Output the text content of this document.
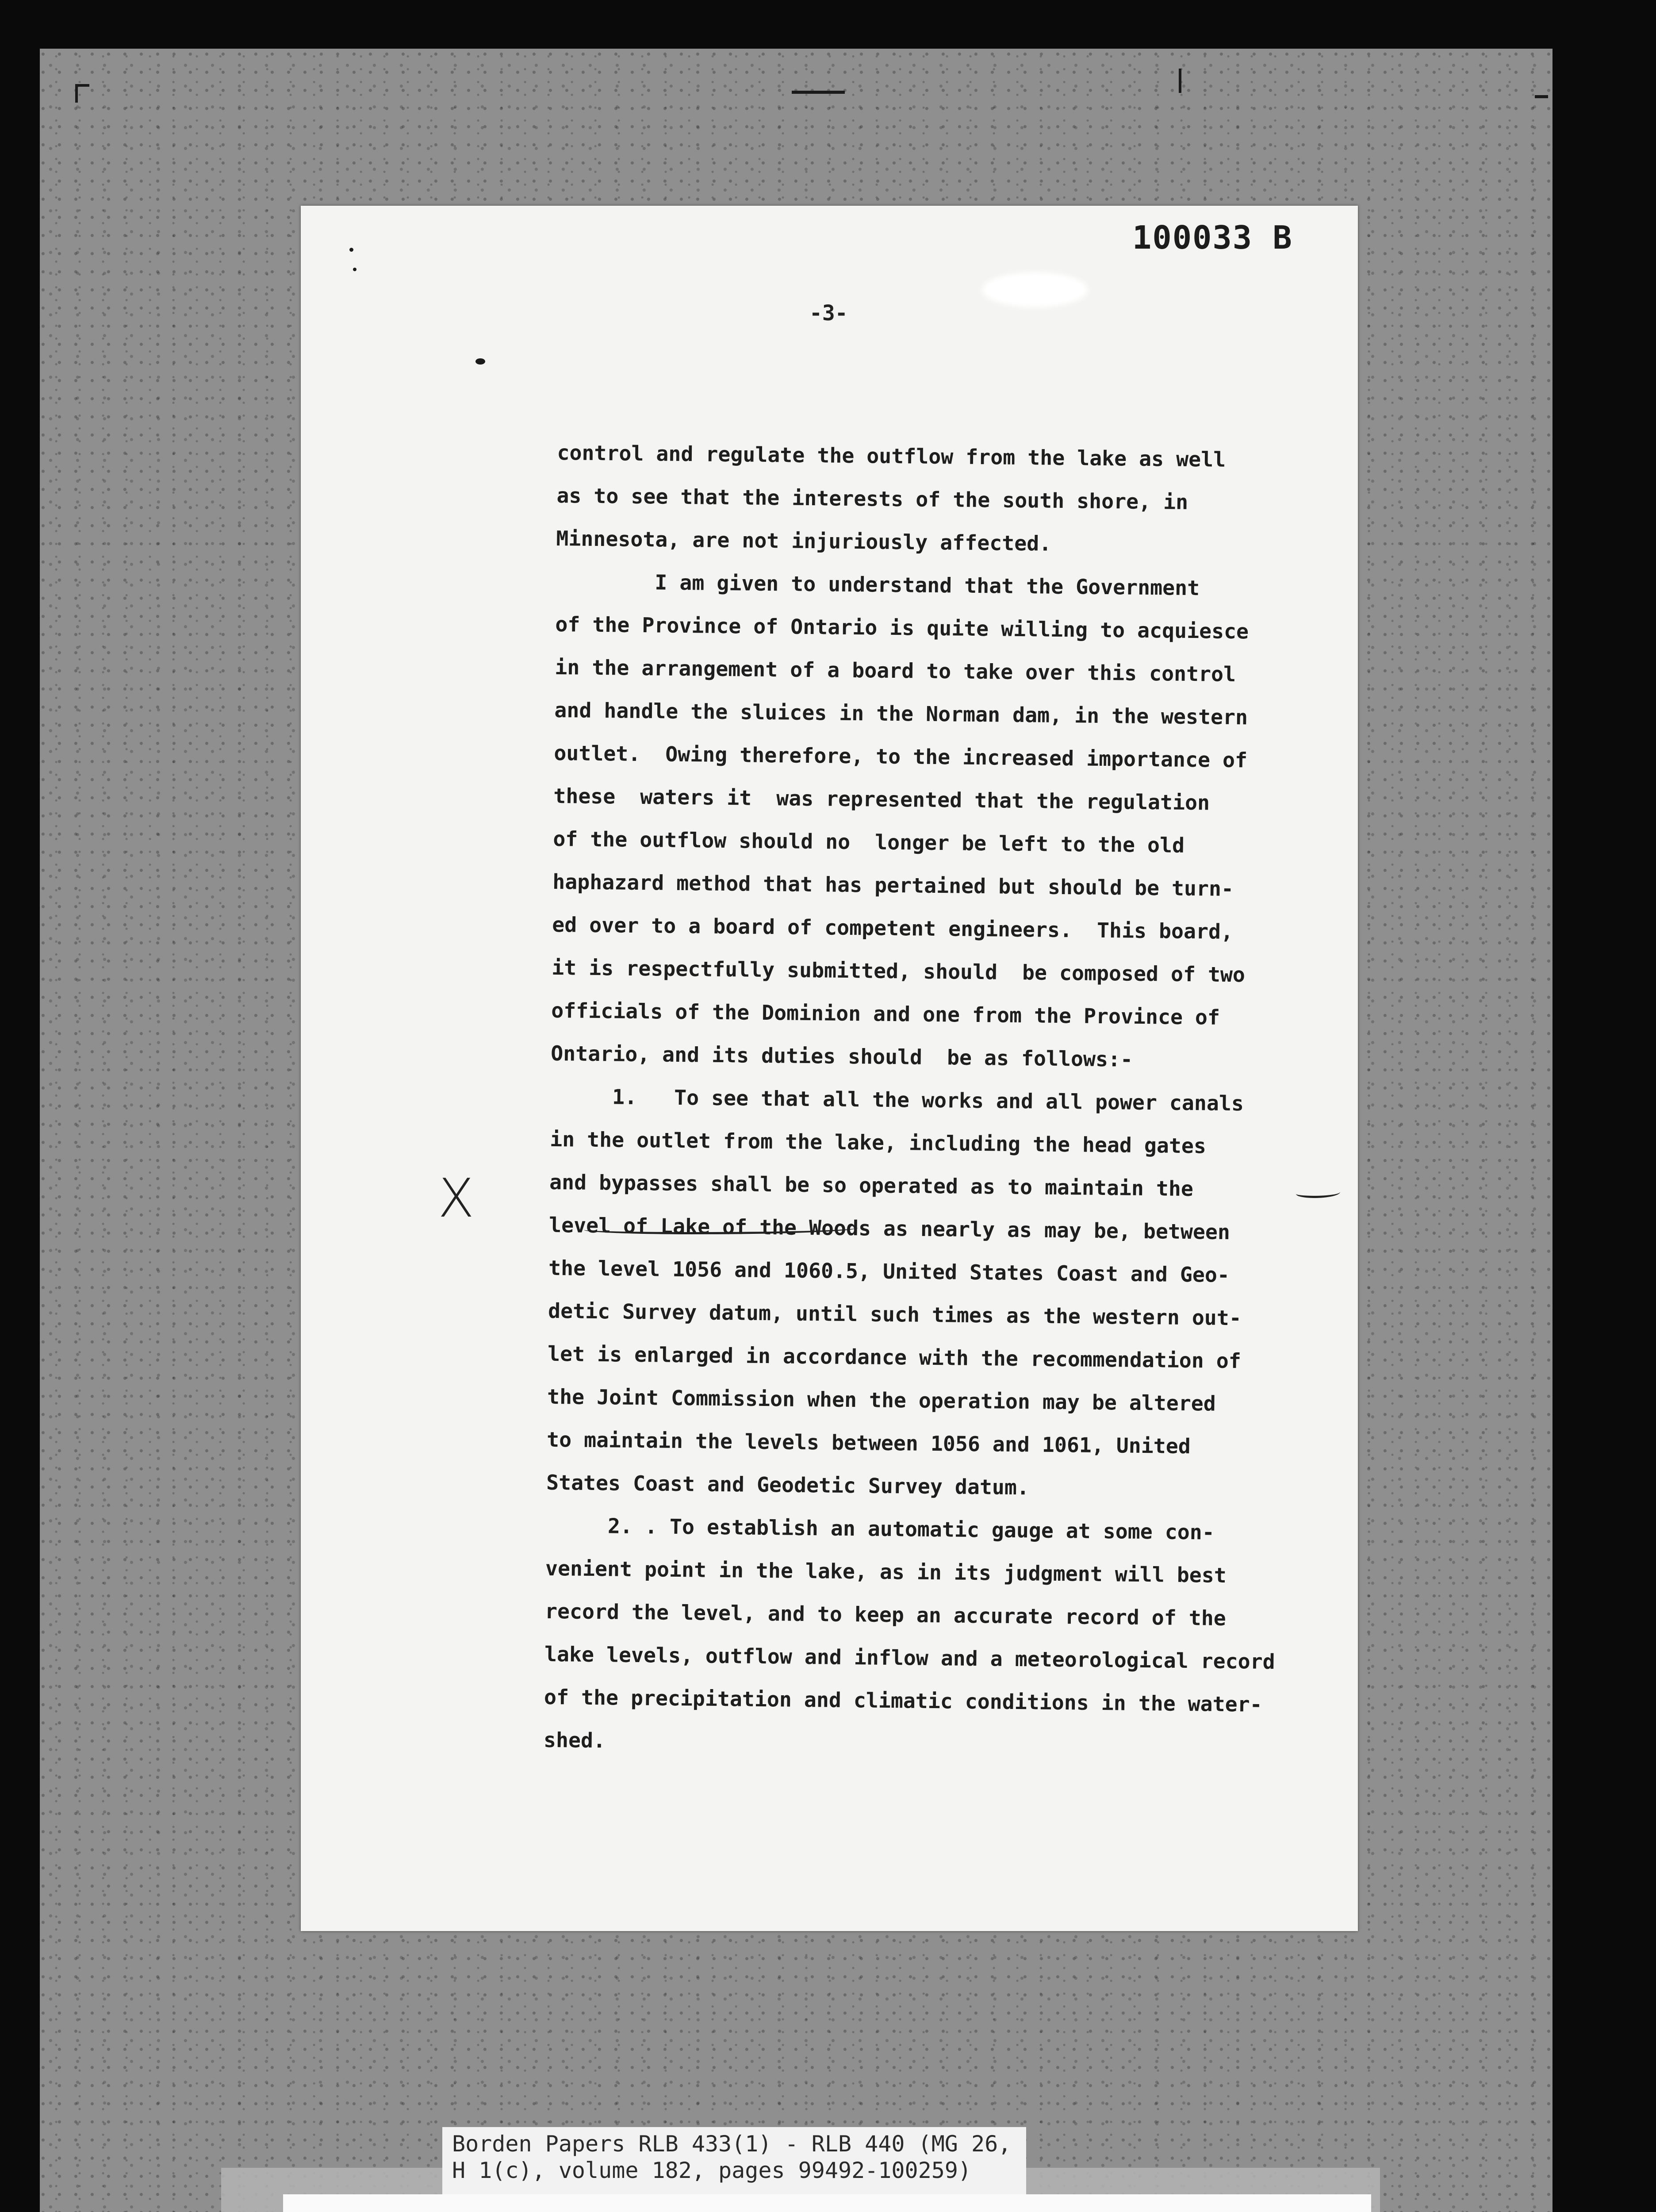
100033 B
-3-
X
control and regulate the outflow from the lake as well
as to see that the interests of the south shore, in
Minnesota, are not injuriously affected.
I am given to understand that the Government
of the Province of Ontario is quite willing to acquiesce
in the arrangement of a board to take over this control
and handle the sluices in the Norman dam, in the western
outlet.  Owing therefore, to the increased importance of
these  waters it  was represented that the regulation
of the outflow should no  longer be left to the old
haphazard method that has pertained but should be turn-
ed over to a board of competent engineers.  This board,
it is respectfully submitted, should  be composed of two
officials of the Dominion and one from the Province of
Ontario, and its duties should  be as follows:-
1.   To see that all the works and all power canals
in the outlet from the lake, including the head gates
and bypasses shall be so operated as to maintain the
level of Lake of the Woods as nearly as may be, between
the level 1056 and 1060.5, United States Coast and Geo-
detic Survey datum, until such times as the western out-
let is enlarged in accordance with the recommendation of
the Joint Commission when the operation may be altered
to maintain the levels between 1056 and 1061, United
States Coast and Geodetic Survey datum.
2. . To establish an automatic gauge at some con-
venient point in the lake, as in its judgment will best
record the level, and to keep an accurate record of the
lake levels, outflow and inflow and a meteorological record
of the precipitation and climatic conditions in the water-
shed.
Borden Papers RLB 433(1) - RLB 440 (MG 26,
H 1(c), volume 182, pages 99492-100259)
